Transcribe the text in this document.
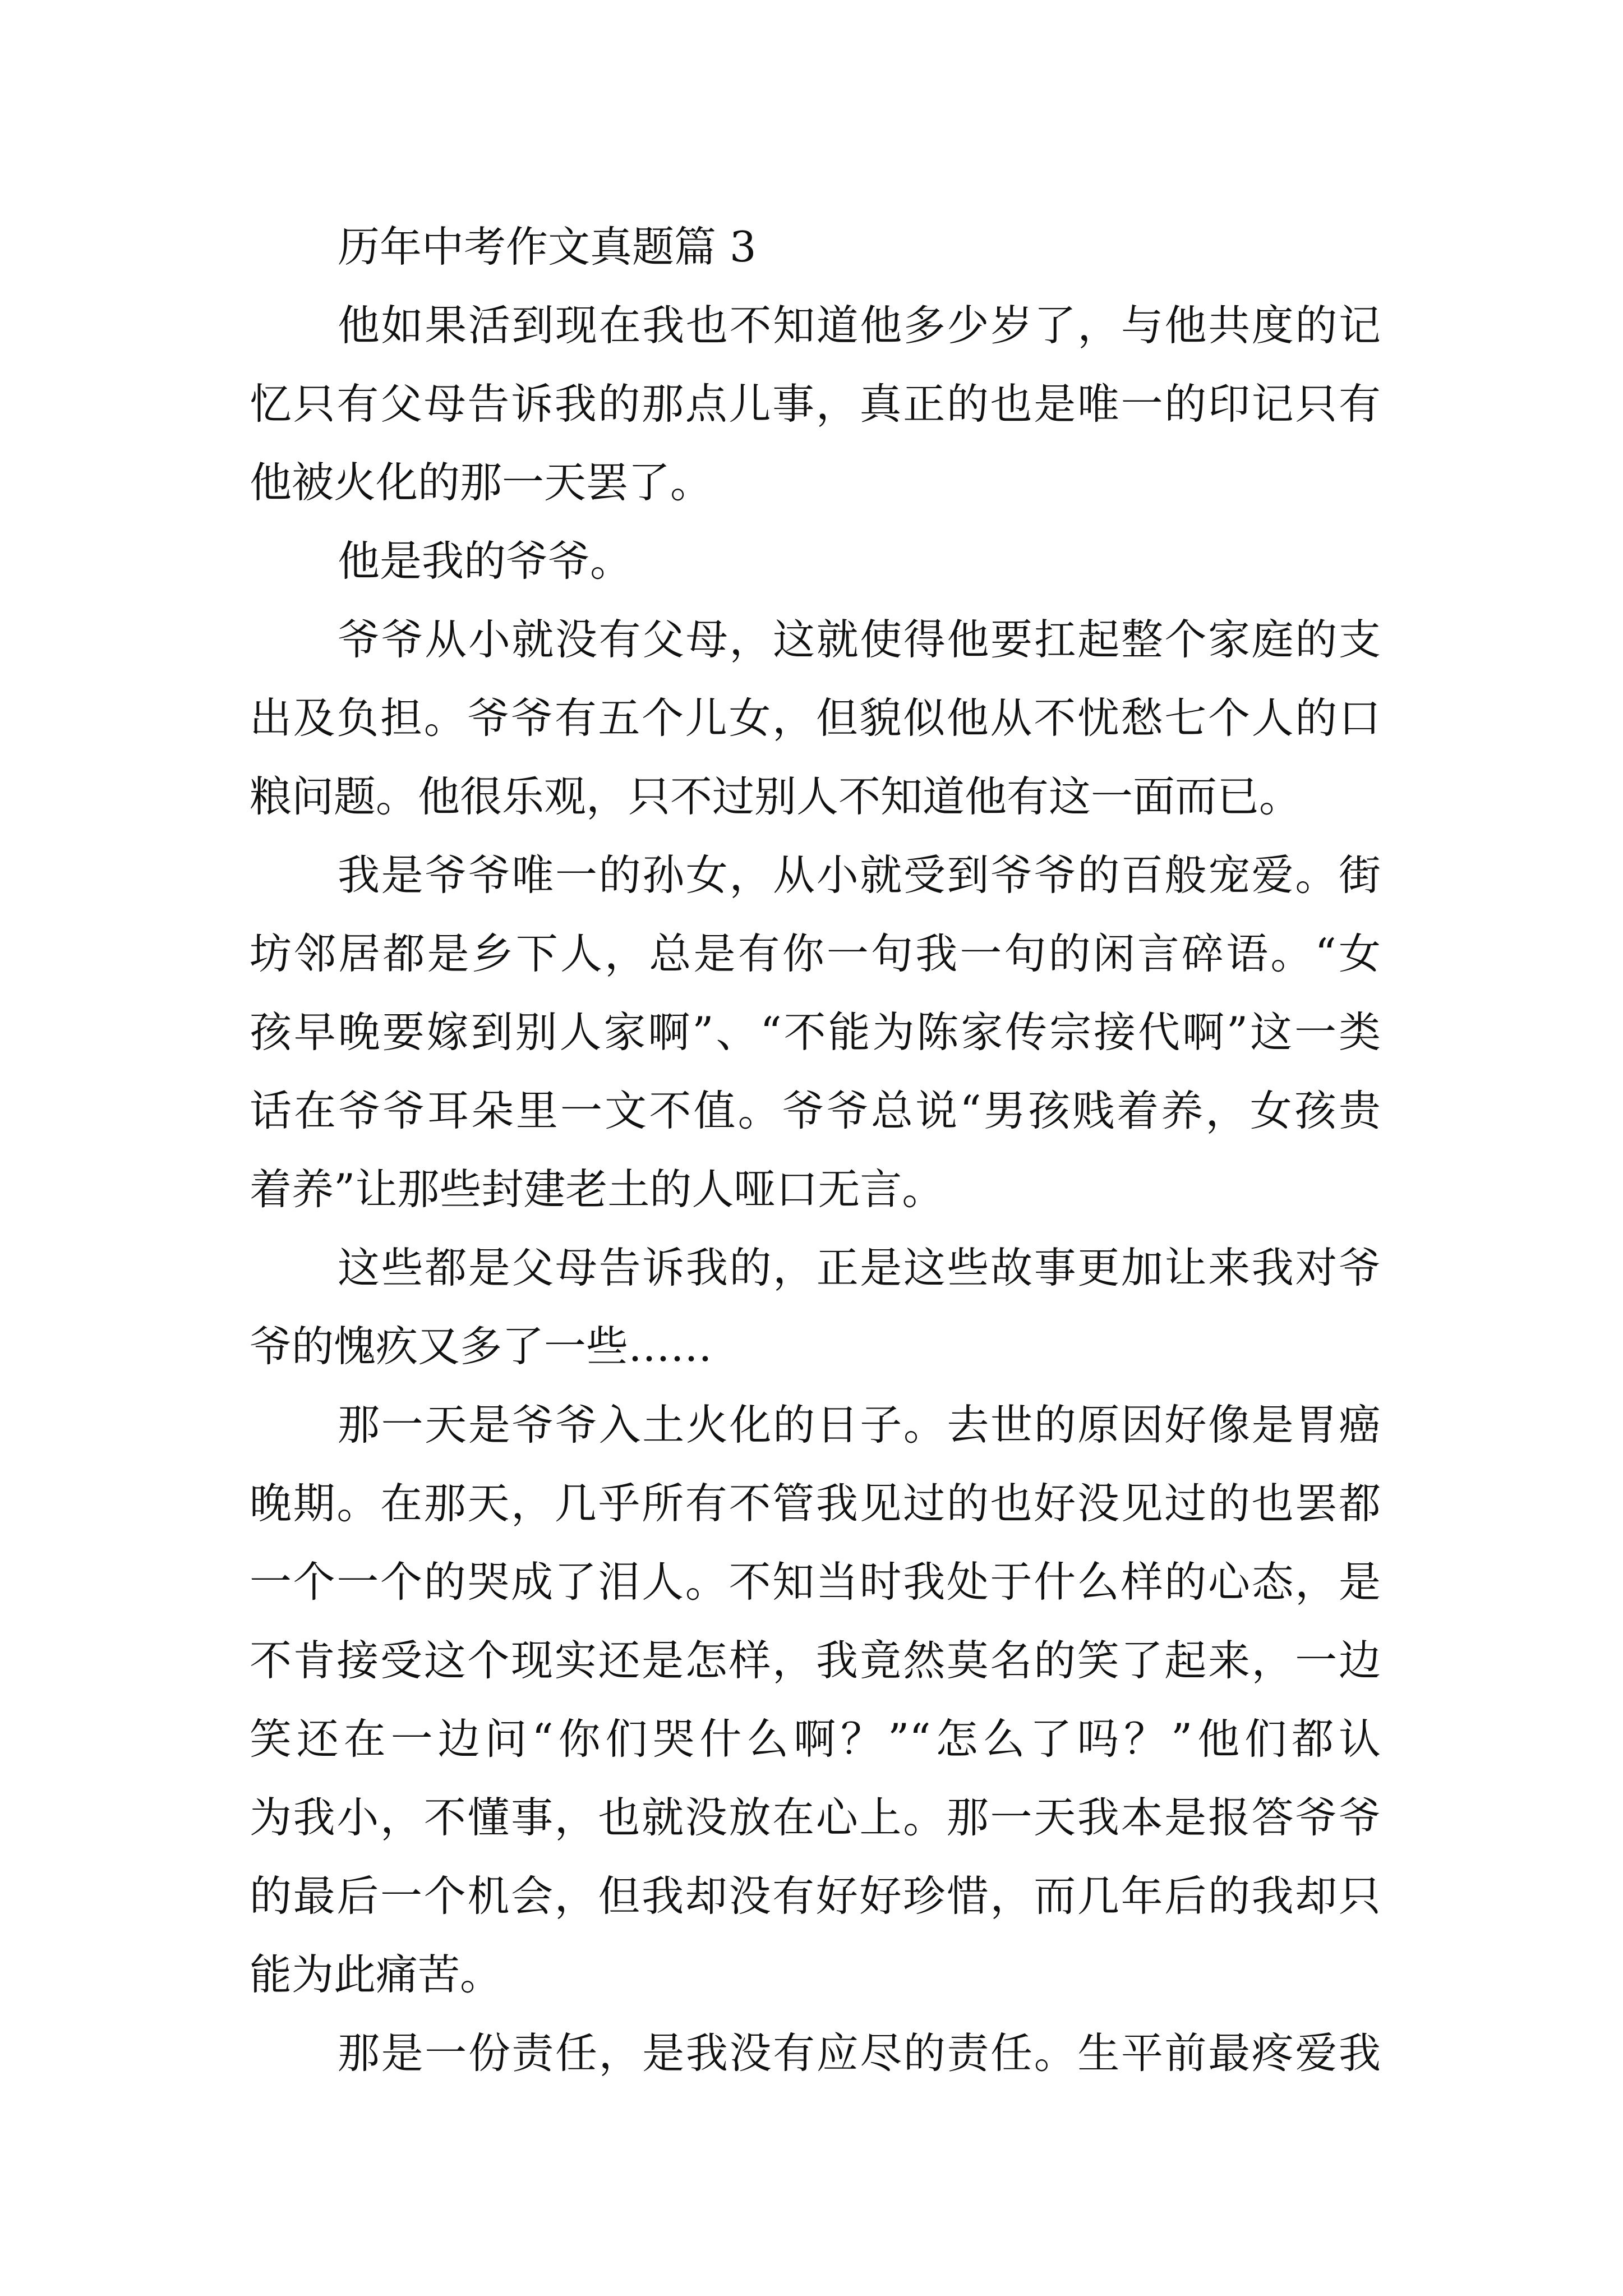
历年中考作文真题篇 3
他如果活到现在我也不知道他多少岁了，与他共度的记
忆只有父母告诉我的那点儿事，真正的也是唯一的印记只有
他被火化的那一天罢了。
他是我的爷爷。
爷爷从小就没有父母，这就使得他要扛起整个家庭的支
出及负担。爷爷有五个儿女，但貌似他从不忧愁七个人的口
粮问题。他很乐观，只不过别人不知道他有这一面而已。
我是爷爷唯一的孙女，从小就受到爷爷的百般宠爱。街
坊邻居都是乡下人，总是有你一句我一句的闲言碎语。“女
孩早晚要嫁到别人家啊”、“不能为陈家传宗接代啊”这一类
话在爷爷耳朵里一文不值。爷爷总说“男孩贱着养，女孩贵
着养”让那些封建老土的人哑口无言。
这些都是父母告诉我的，正是这些故事更加让来我对爷
爷的愧疚又多了一些……
那一天是爷爷入土火化的日子。去世的原因好像是胃癌
晚期。在那天，几乎所有不管我见过的也好没见过的也罢都
一个一个的哭成了泪人。不知当时我处于什么样的心态，是
不肯接受这个现实还是怎样，我竟然莫名的笑了起来，一边
笑还在一边问“你们哭什么啊？”“怎么了吗？”他们都认
为我小，不懂事，也就没放在心上。那一天我本是报答爷爷
的最后一个机会，但我却没有好好珍惜，而几年后的我却只
能为此痛苦。
那是一份责任，是我没有应尽的责任。生平前最疼爱我
